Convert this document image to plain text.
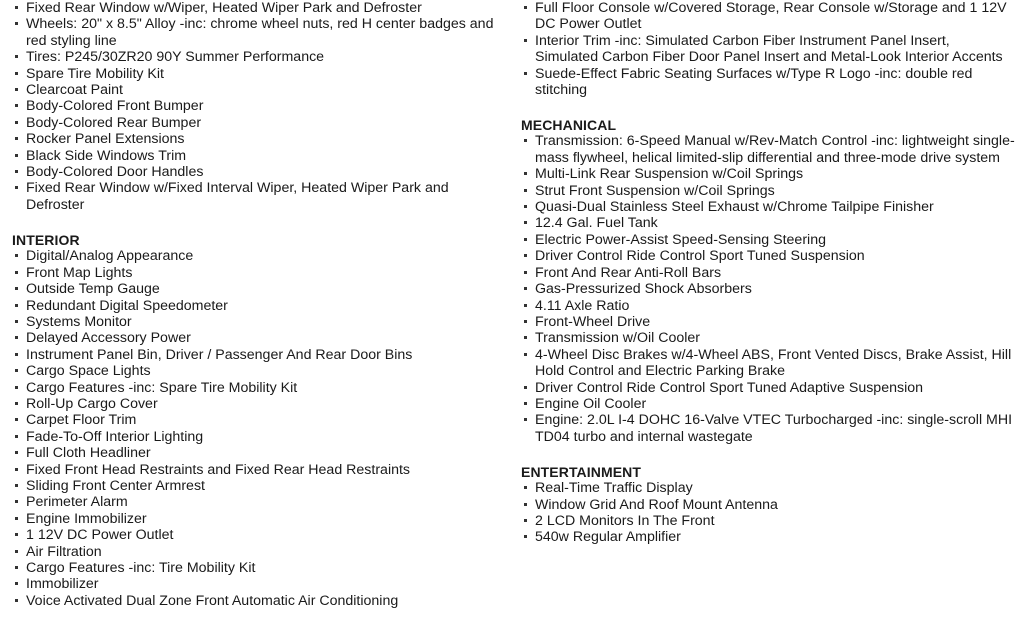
Fixed Rear Window w/Wiper, Heated Wiper Park and Defroster
Wheels: 20" x 8.5" Alloy -inc: chrome wheel nuts, red H center badges and red styling line
Tires: P245/30ZR20 90Y Summer Performance
Spare Tire Mobility Kit
Clearcoat Paint
Body-Colored Front Bumper
Body-Colored Rear Bumper
Rocker Panel Extensions
Black Side Windows Trim
Body-Colored Door Handles
Fixed Rear Window w/Fixed Interval Wiper, Heated Wiper Park and Defroster
INTERIOR
Digital/Analog Appearance
Front Map Lights
Outside Temp Gauge
Redundant Digital Speedometer
Systems Monitor
Delayed Accessory Power
Instrument Panel Bin, Driver / Passenger And Rear Door Bins
Cargo Space Lights
Cargo Features -inc: Spare Tire Mobility Kit
Roll-Up Cargo Cover
Carpet Floor Trim
Fade-To-Off Interior Lighting
Full Cloth Headliner
Fixed Front Head Restraints and Fixed Rear Head Restraints
Sliding Front Center Armrest
Perimeter Alarm
Engine Immobilizer
1 12V DC Power Outlet
Air Filtration
Cargo Features -inc: Tire Mobility Kit
Immobilizer
Voice Activated Dual Zone Front Automatic Air Conditioning
Full Floor Console w/Covered Storage, Rear Console w/Storage and 1 12V DC Power Outlet
Interior Trim -inc: Simulated Carbon Fiber Instrument Panel Insert, Simulated Carbon Fiber Door Panel Insert and Metal-Look Interior Accents
Suede-Effect Fabric Seating Surfaces w/Type R Logo -inc: double red stitching
MECHANICAL
Transmission: 6-Speed Manual w/Rev-Match Control -inc: lightweight single-mass flywheel, helical limited-slip differential and three-mode drive system
Multi-Link Rear Suspension w/Coil Springs
Strut Front Suspension w/Coil Springs
Quasi-Dual Stainless Steel Exhaust w/Chrome Tailpipe Finisher
12.4 Gal. Fuel Tank
Electric Power-Assist Speed-Sensing Steering
Driver Control Ride Control Sport Tuned Suspension
Front And Rear Anti-Roll Bars
Gas-Pressurized Shock Absorbers
4.11 Axle Ratio
Front-Wheel Drive
Transmission w/Oil Cooler
4-Wheel Disc Brakes w/4-Wheel ABS, Front Vented Discs, Brake Assist, Hill Hold Control and Electric Parking Brake
Driver Control Ride Control Sport Tuned Adaptive Suspension
Engine Oil Cooler
Engine: 2.0L I-4 DOHC 16-Valve VTEC Turbocharged -inc: single-scroll MHI TD04 turbo and internal wastegate
ENTERTAINMENT
Real-Time Traffic Display
Window Grid And Roof Mount Antenna
2 LCD Monitors In The Front
540w Regular Amplifier
